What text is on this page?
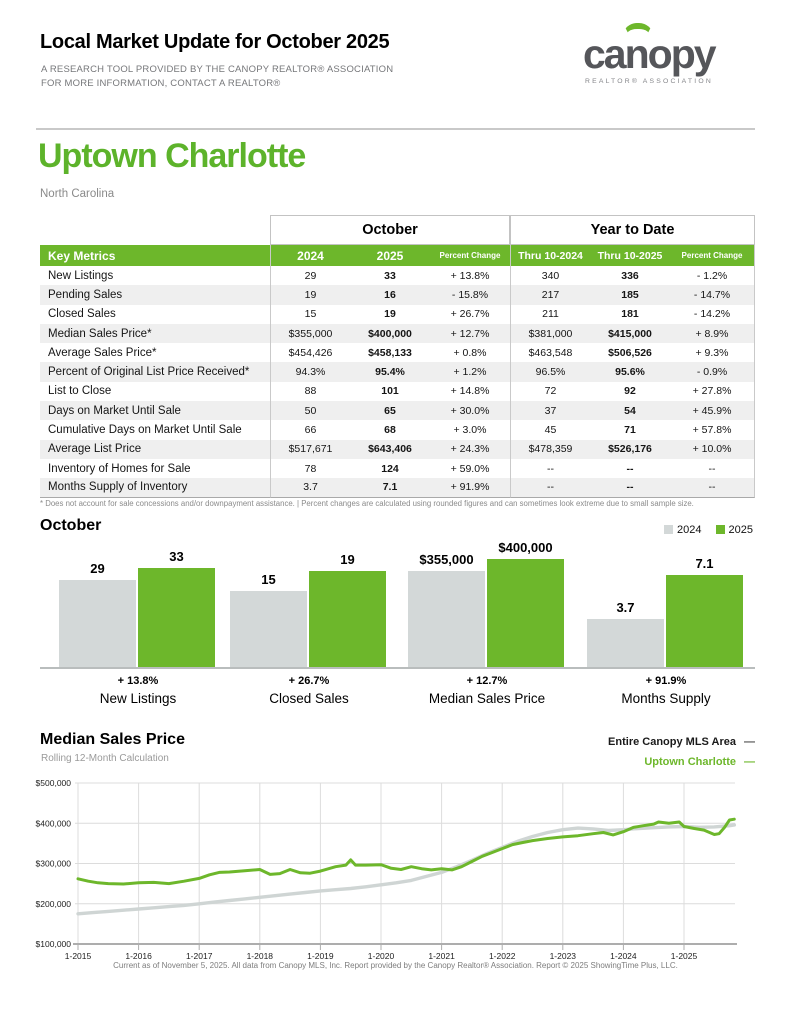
Local Market Update for October 2025
A RESEARCH TOOL PROVIDED BY THE CANOPY REALTOR® ASSOCIATION
FOR MORE INFORMATION, CONTACT A REALTOR®
ca
nopy
REALTOR® ASSOCIATION
Uptown Charlotte
North Carolina
October	Year to Date
Key Metrics	2024	2025	Percent Change	Thru 10-2024	Thru 10-2025	Percent Change
New Listings	29	33	+ 13.8%	340	336	- 1.2%
Pending Sales	19	16	- 15.8%	217	185	- 14.7%
Closed Sales	15	19	+ 26.7%	211	181	- 14.2%
Median Sales Price*	$355,000	$400,000	+ 12.7%	$381,000	$415,000	+ 8.9%
Average Sales Price*	$454,426	$458,133	+ 0.8%	$463,548	$506,526	+ 9.3%
Percent of Original List Price Received*	94.3%	95.4%	+ 1.2%	96.5%	95.6%	- 0.9%
List to Close	88	101	+ 14.8%	72	92	+ 27.8%
Days on Market Until Sale	50	65	+ 30.0%	37	54	+ 45.9%
Cumulative Days on Market Until Sale	66	68	+ 3.0%	45	71	+ 57.8%
Average List Price	$517,671	$643,406	+ 24.3%	$478,359	$526,176	+ 10.0%
Inventory of Homes for Sale	78	124	+ 59.0%	--	--	--
Months Supply of Inventory	3.7	7.1	+ 91.9%	--	--	--
* Does not account for sale concessions and/or downpayment assistance. | Percent changes are calculated using rounded figures and can sometimes look extreme due to small sample size.
October	2024	2025
29
33
+ 13.8%
New Listings
15
19
+ 26.7%
Closed Sales
$355,000
$400,000
+ 12.7%
Median Sales Price
3.7
7.1
+ 91.9%
Months Supply
Median Sales Price
Rolling 12-Month Calculation
Entire Canopy MLS Area —
Uptown Charlotte —
1-2015	1-2016	1-2017	1-2018	1-2019	1-2020	1-2021	1-2022	1-2023	1-2024	1-2025
$500,000
$400,000
$300,000
$200,000
$100,000
Current as of November 5, 2025. All data from Canopy MLS, Inc. Report provided by the Canopy Realtor® Association. Report © 2025 ShowingTime Plus, LLC.
